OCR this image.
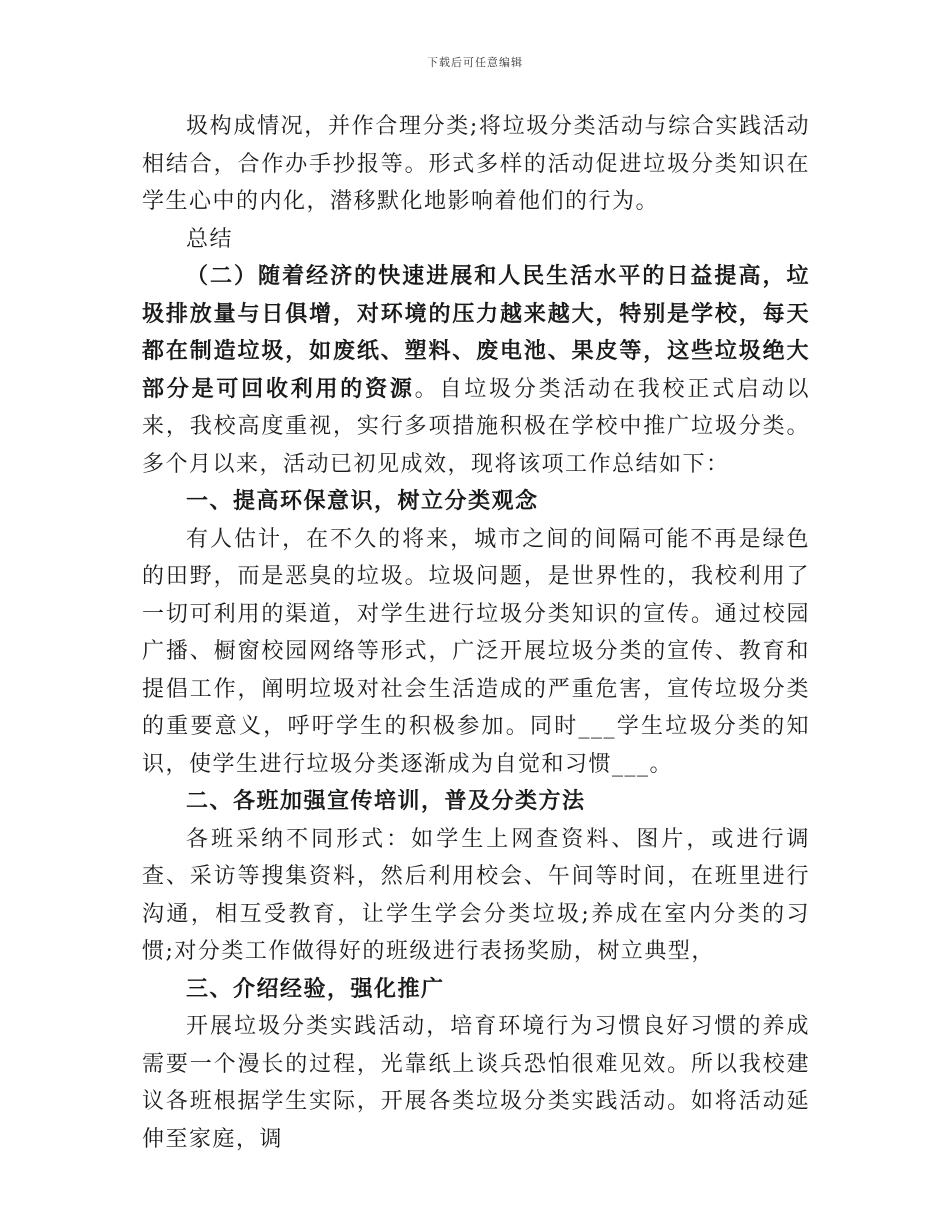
下载后可任意编辑

圾构成情况，并作合理分类;将垃圾分类活动与综合实践活动相结合，合作办手抄报等。形式多样的活动促进垃圾分类知识在学生心中的内化，潜移默化地影响着他们的行为。

总结

（二）随着经济的快速进展和人民生活水平的日益提高，垃圾排放量与日俱增，对环境的压力越来越大，特别是学校，每天都在制造垃圾，如废纸、塑料、废电池、果皮等，这些垃圾绝大部分是可回收利用的资源。自垃圾分类活动在我校正式启动以来，我校高度重视，实行多项措施积极在学校中推广垃圾分类。多个月以来，活动已初见成效，现将该项工作总结如下：

一、提高环保意识，树立分类观念

有人估计，在不久的将来，城市之间的间隔可能不再是绿色的田野，而是恶臭的垃圾。垃圾问题，是世界性的，我校利用了一切可利用的渠道，对学生进行垃圾分类知识的宣传。通过校园广播、橱窗校园网络等形式，广泛开展垃圾分类的宣传、教育和提倡工作，阐明垃圾对社会生活造成的严重危害，宣传垃圾分类的重要意义，呼吁学生的积极参加。同时___学生垃圾分类的知识，使学生进行垃圾分类逐渐成为自觉和习惯___。

二、各班加强宣传培训，普及分类方法

各班采纳不同形式：如学生上网查资料、图片，或进行调查、采访等搜集资料，然后利用校会、午间等时间，在班里进行沟通，相互受教育，让学生学会分类垃圾;养成在室内分类的习惯;对分类工作做得好的班级进行表扬奖励，树立典型，

三、介绍经验，强化推广

开展垃圾分类实践活动，培育环境行为习惯良好习惯的养成需要一个漫长的过程，光靠纸上谈兵恐怕很难见效。所以我校建议各班根据学生实际，开展各类垃圾分类实践活动。如将活动延伸至家庭，调
